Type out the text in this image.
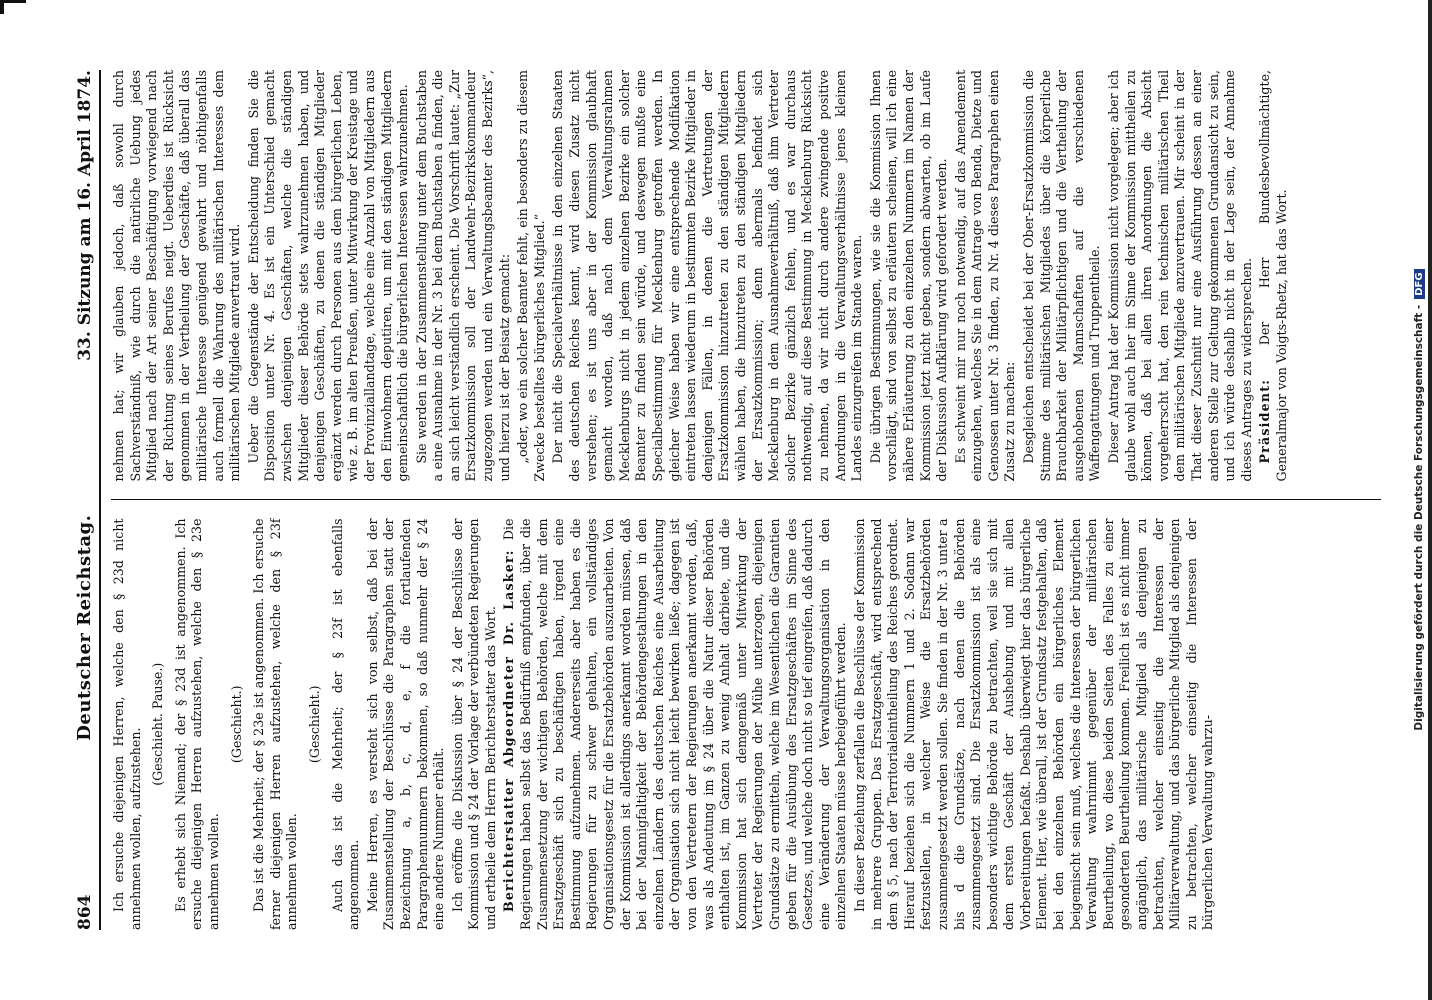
864
Deutscher Reichstag.
33. Sitzung am 16. April 1874.

Ich ersuche diejenigen Herren, welche den § 23d nicht annehmen wollen, aufzustehen.

(Geschieht. Pause.) Es erhebt sich Niemand; der § 23d ist angenommen. Ich ersuche diejenigen Herren aufzustehen, welche den § 23e annehmen wollen.

(Geschieht.) Das ist die Mehrheit; der § 23e ist angenommen. Ich ersuche ferner diejenigen Herren aufzustehen, welche den § 23f annehmen wollen.

(Geschieht.) Auch das ist die Mehrheit; der § 23f ist ebenfalls angenommen. Meine Herren, es versteht sich von selbst, daß bei der Zusammenstellung der Beschlüsse die Paragraphen statt der Bezeichnung a, b, c, d, e, f die fortlaufenden Paragraphennummern bekommen, so daß nunmehr der § 24 eine andere Nummer erhält. Ich eröffne die Diskussion über § 24 der Beschlüsse der Kommission und § 24 der Vorlage der verbündeten Regierungen und ertheile dem Herrn Berichterstatter das Wort. Berichterstatter Abgeordneter Dr. Lasker: Die Regierungen haben selbst das Bedürfniß empfunden, über die Zusammensetzung der wichtigen Behörden, welche mit dem Ersatzgeschäft sich zu beschäftigen haben, irgend eine Bestimmung aufzunehmen. Andererseits aber haben es die Regierungen für zu schwer gehalten, ein vollständiges Organisationsgesetz für die Ersatzbehörden auszuarbeiten. Von der Kommission ist allerdings anerkannt worden müssen, daß bei der Mannigfaltigkeit der Behördengestaltungen in den einzelnen Ländern des deutschen Reiches eine Ausarbeitung der Organisation sich nicht leicht bewirken ließe; dagegen ist von den Vertretern der Regierungen anerkannt worden, daß, was als Andeutung im § 24 über die Natur dieser Behörden enthalten ist, im Ganzen zu wenig Anhalt darbiete, und die Kommission hat sich demgemäß unter Mitwirkung der Vertreter der Regierungen der Mühe unterzogen, diejenigen Grundsätze zu ermitteln, welche im Wesentlichen die Garantien geben für die Ausübung des Ersatzgeschäftes im Sinne des Gesetzes, und welche doch nicht so tief eingreifen, daß dadurch eine Veränderung der Verwaltungsorganisation in den einzelnen Staaten müsse herbeigeführt werden. In dieser Beziehung zerfallen die Beschlüsse der Kommission in mehrere Gruppen. Das Ersatzgeschäft, wird entsprechend dem § 5, nach der Territorialeintheilung des Reiches geordnet. Hierauf beziehen sich die Nummern 1 und 2. Sodann war festzustellen, in welcher Weise die Ersatzbehörden zusammengesetzt werden sollen. Sie finden in der Nr. 3 unter a bis d die Grundsätze, nach denen die Behörden zusammengesetzt sind. Die Ersatzkommission ist als eine besonders wichtige Behörde zu betrachten, weil sie sich mit dem ersten Geschäft der Aushebung und mit allen Vorbereitungen befaßt. Deshalb überwiegt hier das bürgerliche Element. Hier, wie überall, ist der Grundsatz festgehalten, daß bei den einzelnen Behörden ein bürgerliches Element beigemischt sein muß, welches die Interessen der bürgerlichen Verwaltung wahrnimmt gegenüber der militärischen Beurtheilung, wo diese beiden Seiten des Falles zu einer gesonderten Beurtheilung kommen. Freilich ist es nicht immer angänglich, das militärische Mitglied als denjenigen zu betrachten, welcher einseitig die Interessen der Militärverwaltung, und das bürgerliche Mitglied als denjenigen zu betrachten, welcher einseitig die Interessen der bürgerlichen Verwaltung wahrzu-

nehmen hat; wir glauben jedoch, daß sowohl durch Sachverständniß, wie durch die natürliche Uebung jedes Mitglied nach der Art seiner Beschäftigung vorwiegend nach der Richtung seines Berufes neigt. Ueberdies ist Rücksicht genommen in der Vertheilung der Geschäfte, daß überall das militärische Interesse genügend gewahrt und nöthigenfalls auch formell die Wahrung des militärischen Interesses dem militärischen Mitgliede anvertraut wird. Ueber die Gegenstände der Entscheidung finden Sie die Disposition unter Nr. 4. Es ist ein Unterschied gemacht zwischen denjenigen Geschäften, welche die ständigen Mitglieder dieser Behörde stets wahrzunehmen haben, und denjenigen Geschäften, zu denen die ständigen Mitglieder ergänzt werden durch Personen aus dem bürgerlichen Leben, wie z. B. im alten Preußen, unter Mitwirkung der Kreistage und der Provinziallandtage, welche eine Anzahl von Mitgliedern aus den Einwohnern deputiren, um mit den ständigen Mitgliedern gemeinschaftlich die bürgerlichen Interessen wahrzunehmen. Sie werden in der Zusammenstellung unter dem Buchstaben a eine Ausnahme in der Nr. 3 bei dem Buchstaben a finden, die an sich leicht verständlich erscheint. Die Vorschrift lautet: „Zur Ersatzkommission soll der Landwehr-Bezirkskommandeur zugezogen werden und ein Verwaltungsbeamter des Bezirks“, und hierzu ist der Beisatz gemacht: „oder, wo ein solcher Beamter fehlt, ein besonders zu diesem Zwecke bestelltes bürgerliches Mitglied.“ Der nicht die Specialverhältnisse in den einzelnen Staaten des deutschen Reiches kennt, wird diesen Zusatz nicht verstehen; es ist uns aber in der Kommission glaubhaft gemacht worden, daß nach dem Verwaltungsrahmen Mecklenburgs nicht in jedem einzelnen Bezirke ein solcher Beamter zu finden sein würde, und deswegen mußte eine Specialbestimmung für Mecklenburg getroffen werden. In gleicher Weise haben wir eine entsprechende Modifikation eintreten lassen wiederum in bestimmten Bezirke Mitglieder in denjenigen Fällen, in denen die Vertretungen der Ersatzkommission hinzutreten zu den ständigen Mitgliedern wählen haben, die hinzutreten zu den ständigen Mitgliedern der Ersatzkommission; denn abermals befindet sich Mecklenburg in dem Ausnahmeverhältniß, daß ihm Vertreter solcher Bezirke gänzlich fehlen, und es war durchaus nothwendig, auf diese Bestimmung in Mecklenburg Rücksicht zu nehmen, da wir nicht durch andere zwingende positive Anordnungen in die Verwaltungsverhältnisse jenes kleinen Landes einzugreifen im Stande waren. Die übrigen Bestimmungen, wie sie die Kommission Ihnen vorschlägt, sind von selbst zu erläutern scheinen, will ich eine nähere Erläuterung zu den einzelnen Nummern im Namen der Kommission jetzt nicht geben, sondern abwarten, ob im Laufe der Diskussion Aufklärung wird gefordert werden. Es schweint mir nur noch notwendig, auf das Amendement einzugehen, welches Sie in dem Antrage von Benda, Dietze und Genossen unter Nr. 3 finden, zu Nr. 4 dieses Paragraphen einen Zusatz zu machen: Desgleichen entscheidet bei der Ober-Ersatzkommission die Stimme des militärischen Mitgliedes über die körperliche Brauchbarkeit der Militärpflichtigen und die Vertheilung der ausgehobenen Mannschaften auf die verschiedenen Waffengattungen und Truppentheile. Dieser Antrag hat der Kommission nicht vorgelegen; aber ich glaube wohl auch hier im Sinne der Kommission mittheilen zu können, daß bei allen ihren Anordnungen die Absicht vorgeherrscht hat, den rein technischen militärischen Theil dem militärischen Mitgliede anzuvertrauen. Mir scheint in der That dieser Zuschnitt nur eine Ausführung dessen an einer anderen Stelle zur Geltung gekommenen Grundansicht zu sein, und ich würde deshalb nicht in der Lage sein, der Annahme dieses Antrages zu widersprechen. Präsident: Der Herr Bundesbevollmächtigte, Generalmajor von Voigts-Rhetz, hat das Wort.	Digitalisierung gefördert durch die Deutsche Forschungsgemeinschaft -DFG
